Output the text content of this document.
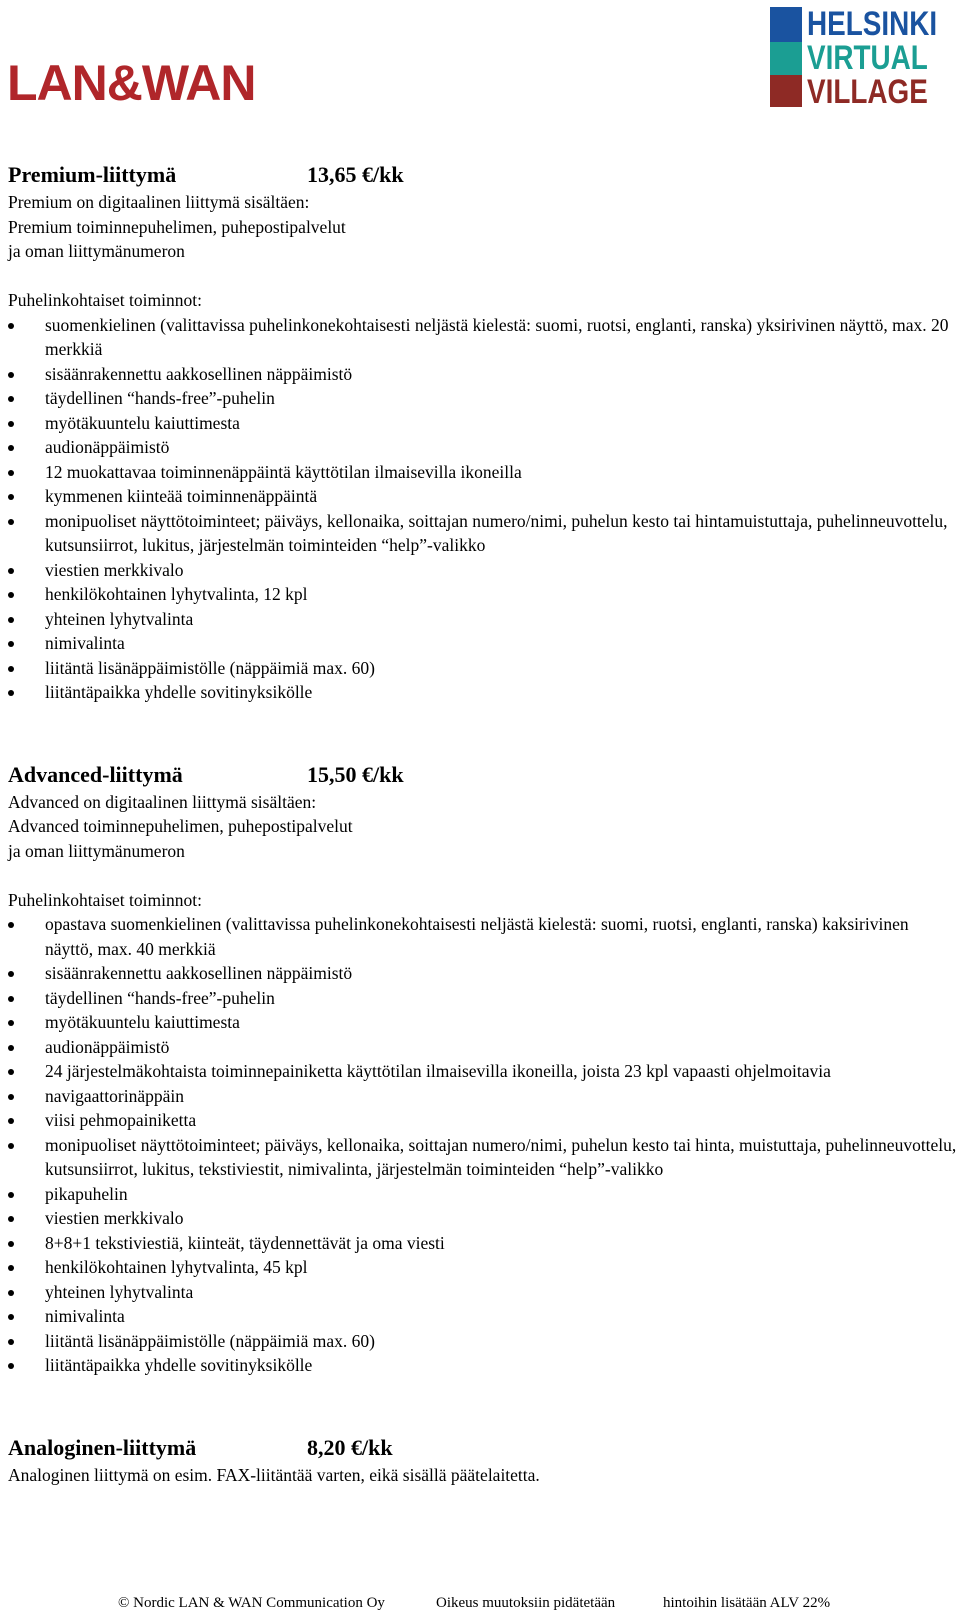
LAN&WAN
HELSINKI
VIRTUAL
VILLAGE
Premium-liittymä	13,65 €/kk
Premium on digitaalinen liittymä sisältäen:
Premium toiminnepuhelimen, puhepostipalvelut
ja oman liittymänumeron
Puhelinkohtaiset toiminnot:
suomenkielinen (valittavissa puhelinkonekohtaisesti neljästä kielestä: suomi, ruotsi, englanti, ranska) yksirivinen näyttö, max. 20 merkkiä
sisäänrakennettu aakkosellinen näppäimistö
täydellinen “hands-free”-puhelin
myötäkuuntelu kaiuttimesta
audionäppäimistö
12 muokattavaa toiminnenäppäintä käyttötilan ilmaisevilla ikoneilla
kymmenen kiinteää toiminnenäppäintä
monipuoliset näyttötoiminteet; päiväys, kellonaika, soittajan numero/nimi, puhelun kesto tai hintamuistuttaja, puhelinneuvottelu, kutsunsiirrot, lukitus, järjestelmän toiminteiden “help”-valikko
viestien merkkivalo
henkilökohtainen lyhytvalinta, 12 kpl
yhteinen lyhytvalinta
nimivalinta
liitäntä lisänäppäimistölle (näppäimiä max. 60)
liitäntäpaikka yhdelle sovitinyksikölle
Advanced-liittymä	15,50 €/kk
Advanced on digitaalinen liittymä sisältäen:
Advanced toiminnepuhelimen, puhepostipalvelut
ja oman liittymänumeron
Puhelinkohtaiset toiminnot:
opastava suomenkielinen (valittavissa puhelinkonekohtaisesti neljästä kielestä: suomi, ruotsi, englanti, ranska) kaksirivinen näyttö, max. 40 merkkiä
sisäänrakennettu aakkosellinen näppäimistö
täydellinen “hands-free”-puhelin
myötäkuuntelu kaiuttimesta
audionäppäimistö
24 järjestelmäkohtaista toiminnepainiketta käyttötilan ilmaisevilla ikoneilla, joista 23 kpl vapaasti ohjelmoitavia
navigaattorinäppäin
viisi pehmopainiketta
monipuoliset näyttötoiminteet; päiväys, kellonaika, soittajan numero/nimi, puhelun kesto tai hinta, muistuttaja, puhelinneuvottelu, kutsunsiirrot, lukitus, tekstiviestit, nimivalinta, järjestelmän toiminteiden “help”-valikko
pikapuhelin
viestien merkkivalo
8+8+1 tekstiviestiä, kiinteät, täydennettävät ja oma viesti
henkilökohtainen lyhytvalinta, 45 kpl
yhteinen lyhytvalinta
nimivalinta
liitäntä lisänäppäimistölle (näppäimiä max. 60)
liitäntäpaikka yhdelle sovitinyksikölle
Analoginen-liittymä	8,20 €/kk
Analoginen liittymä on esim. FAX-liitäntää varten, eikä sisällä päätelaitetta.
© Nordic LAN & WAN Communication Oy	Oikeus muutoksiin pidätetään	hintoihin lisätään ALV 22%
